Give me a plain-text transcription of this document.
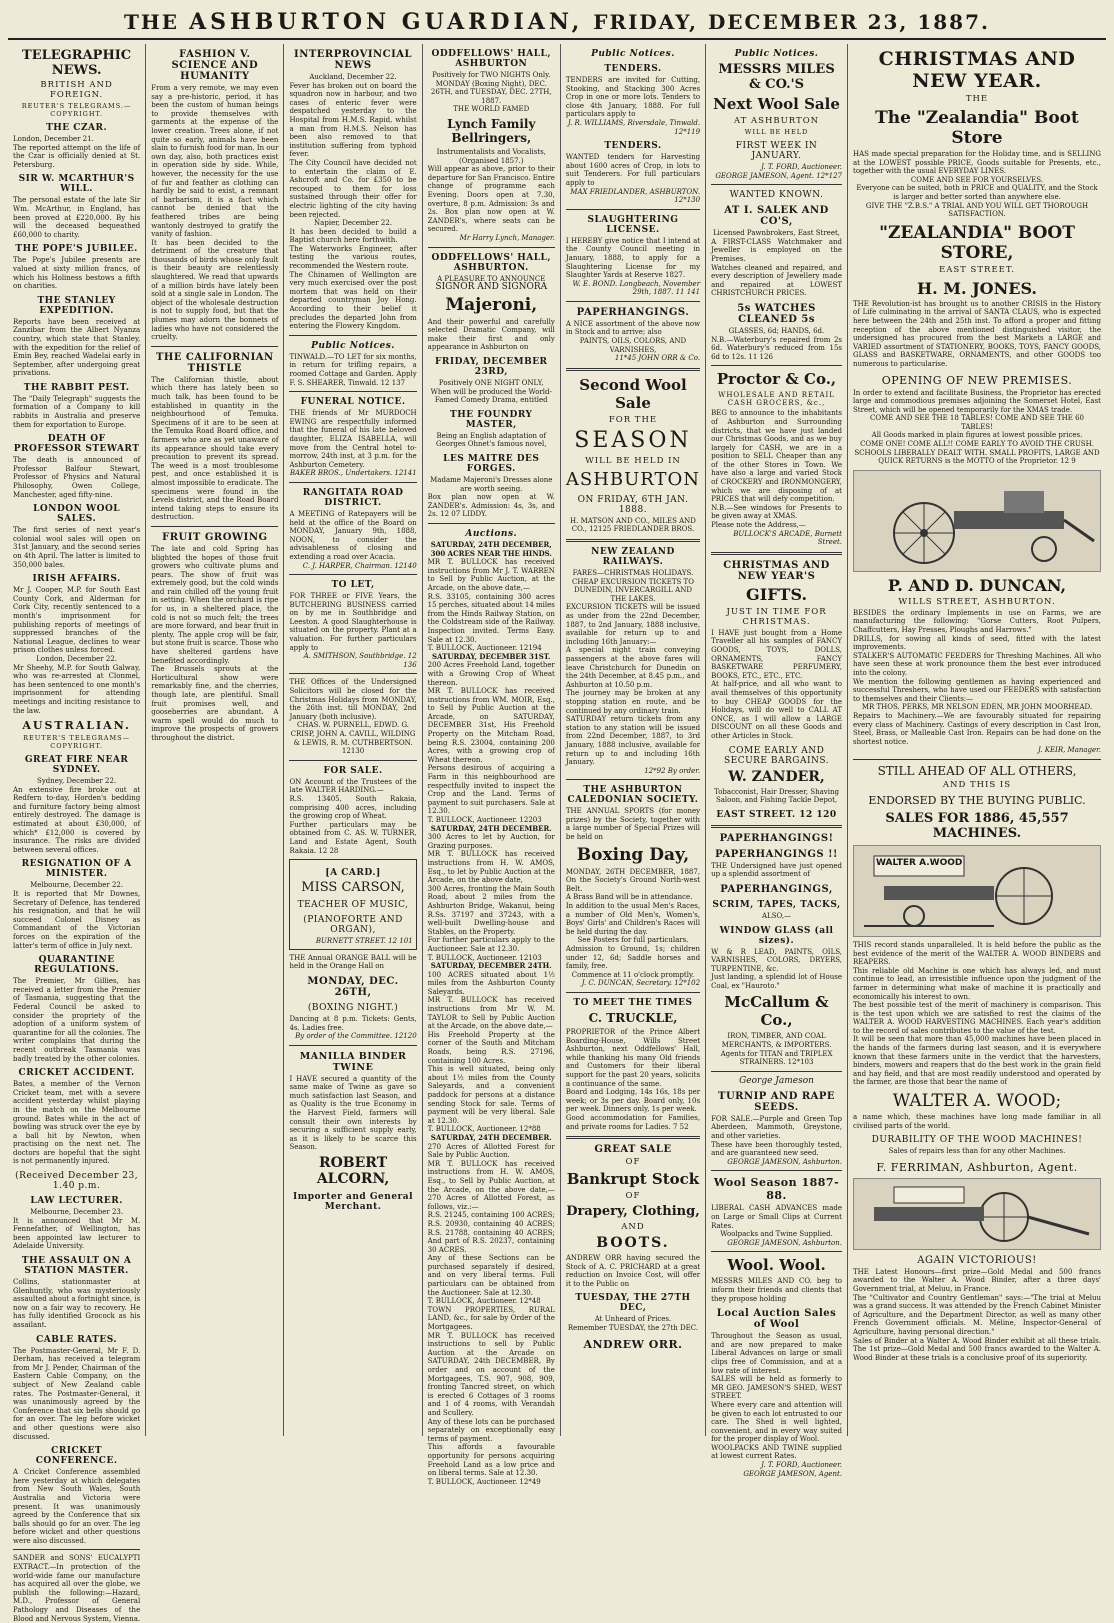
THE ASHBURTON GUARDIAN, FRIDAY, DECEMBER 23, 1887.
TELEGRAPHIC NEWS.
BRITISH AND FOREIGN.
REUTER'S TELEGRAMS.—COPYRIGHT.
THE CZAR.

London, December 21.

The reported attempt on the life of the Czar is officially denied at St. Petersburg.

SIR W. MCARTHUR'S WILL.

The personal estate of the late Sir Wm. McArthur, in England, has been proved at £220,000. By his will the deceased bequeathed £60,000 to charity.

THE POPE'S JUBILEE.

The Pope's Jubilee presents are valued at sixty million francs, of which his Holiness bestows a fifth on charities.

THE STANLEY EXPEDITION.

Reports have been received at Zanzibar from the Albert Nyanza country, which state that Stanley, with the expedition for the relief of Emin Bey, reached Wadelai early in September, after undergoing great privations.

THE RABBIT PEST.

The "Daily Telegraph" suggests the formation of a Company to kill rabbits in Australia and preserve them for exportation to Europe.

DEATH OF PROFESSOR STEWART

The death is announced of Professor Balfour Stewart, Professor of Physics and Natural Philosophy, Owen College, Manchester, aged fifty-nine.

LONDON WOOL SALES.

The first series of next year's colonial wool sales will open on 31st January, and the second series on 4th April. The latter is limited to 350,000 bales.

IRISH AFFAIRS.

Mr J. Cooper, M.P. for South East County Cork, and Alderman for Cork City, recently sentenced to a month's imprisonment for publishing reports of meetings of suppressed branches of the National League, declines to wear prison clothes unless forced.

London, December 22.

Mr Sheehy, M.P. for South Galway, who was re-arrested at Clonmel, has been sentenced to one month's imprisonment for attending meetings and inciting resistance to the law.

AUSTRALIAN.
REUTER'S TELEGRAMS—COPYRIGHT.
GREAT FIRE NEAR SYDNEY.

Sydney, December 22.

An extensive fire broke out at Redfern to-day, Horden's bedding and furniture factory being almost entirely destroyed. The damage is estimated at about £30,000, of which* £12,000 is covered by insurance. The risks are divided between several offices.

RESIGNATION OF A MINISTER.

Melbourne, December 22.

It is reported that Mr Downes, Secretary of Defence, has tendered his resignation, and that he will succeed Colonel Disney as Commandant of the Victorian forces on the expiration of the latter's term of office in July next.

QUARANTINE REGULATIONS.

The Premier, Mr Gillies, has received a letter from the Premier of Tasmania, suggesting that the Federal Council be asked to consider the propriety of the adoption of a uniform system of quarantine for all the colonies. The writer complains that during the recent outbreak Tasmania was badly treated by the other colonies.

CRICKET ACCIDENT.

Bates, a member of the Vernon Cricket team, met with a severe accident yesterday whilst playing in the match on the Melbourne ground. Bates while in the act of bowling was struck over the eye by a ball hit by Newton, when practising on the next net. The doctors are hopeful that the sight is not permanently injured.

(Received December 23, 1.40 p.m.
LAW LECTURER.

Melbourne, December 23.

It is announced that Mr M. Fennefather, of Wellington, has been appointed law lecturer to Adelaide University.

THE ASSAULT ON A STATION MASTER.

Collins, stationmaster at Glenhuntly, who was mysteriously assaulted about a fortnight since, is now on a fair way to recovery. He has fully identified Grocock as his assailant.

CABLE RATES.

The Postmaster-General, Mr F. D. Derham, has received a telegram from Mr J. Pender, Chairman of the Eastern Cable Company, on the subject of New Zealand cable rates. The Postmaster-General, it was unanimously agreed by the Conference that six bells should go for an over. The leg before wicket and other questions were also discussed.

CRICKET CONFERENCE.

A Cricket Conference assembled here yesterday at which delegates from New South Wales, South Australia and Victoria were present. It was unanimously agreed by the Conference that six balls should go for an over. The leg before wicket and other questions were also discussed.

SANDER and SONS' EUCALYPTI EXTRACT.—In protection of the world-wide fame our manufacture has acquired all over the globe, we publish the following:—Hazard, M.D., Professor of General Pathology and Diseases of the Blood and Nervous System, Vienna.

FASHION V. SCIENCE AND HUMANITY

From a very remote, we may even say a pre-historic, period, it has been the custom of human beings to provide themselves with garments at the expense of the lower creation. Trees alone, if not quite so early, animals have been slain to furnish food for man. In our own day, also, both practices exist in operation side by side. While, however, the necessity for the use of fur and feather as clothing can hardly be said to exist, a remnant of barbarism, it is a fact which cannot be denied that the feathered tribes are being wantonly destroyed to gratify the vanity of fashion.

It has been decided to the detriment of the creature that thousands of birds whose only fault is their beauty are relentlessly slaughtered. We read that upwards of a million birds have lately been sold at a single sale in London. The object of the wholesale destruction is not to supply food, but that the plumes may adorn the bonnets of ladies who have not considered the cruelty.

THE CALIFORNIAN THISTLE

The Californian thistle, about which there has lately been so much talk, has been found to be established in quantity in the neighbourhood of Temuka. Specimens of it are to be seen at the Temuka Road Board office, and farmers who are as yet unaware of its appearance should take every precaution to prevent its spread. The weed is a most troublesome pest, and once established it is almost impossible to eradicate. The specimens were found in the Levels district, and the Road Board intend taking steps to ensure its destruction.

FRUIT GROWING

The late and cold Spring has blighted the hopes of those fruit growers who cultivate plums and pears. The show of fruit was extremely good, but the cold winds and rain chilled off the young fruit in setting. When the orchard is ripe for us, in a sheltered place, the cold is not so much felt; the trees are more forward, and bear fruit in plenty. The apple crop will be fair, but stone fruit is scarce. Those who have sheltered gardens have benefited accordingly.

The Brussels sprouts at the Horticultural show were remarkably fine, and the cherries, though late, are plentiful. Small fruit promises well, and gooseberries are abundant. A warm spell would do much to improve the prospects of growers throughout the district.

INTERPROVINCIAL NEWS

Auckland, December 22.

Fever has broken out on board the squadron now in harbour, and two cases of enteric fever were despatched yesterday to the Hospital from H.M.S. Rapid, whilst a man from H.M.S. Nelson has been also removed to that institution suffering from typhoid fever.

The City Council have decided not to entertain the claim of E. Ashcroft and Co. for £350 to be recouped to them for loss sustained through their offer for electric lighting of the city having been rejected.

Napier, December 22.

It has been decided to build a Baptist church here forthwith.

The Waterworks Engineer, after testing the various routes, recommended the Western route.

The Chinamen of Wellington are very much exercised over the post mortem that was held on their departed countryman Joy Hong. According to their belief it precludes the departed John from entering the Flowery Kingdom.

Public Notices.

TINWALD.—TO LET for six months, in return for trifling repairs, a roomed Cottage and Garden. Apply F. S. SHEARER, Tinwald. 12 137

FUNERAL NOTICE.

THE friends of Mr MURDOCH EWING are respectfully informed that the funeral of his late beloved daughter, ELIZA ISABELLA, will move from the Central hotel to-morrow, 24th inst, at 3 p.m. for the Ashburton Cemetery.

BAKER BROS., Undertakers. 12141

RANGITATA ROAD DISTRICT.

A MEETING of Ratepayers will be held at the office of the Board on MONDAY, January 9th, 1888, NOON, to consider the advisableness of closing and extending a road over Acacia.

C. J. HARPER, Chairman. 12140

TO LET,

FOR THREE or FIVE Years, the BUTCHERING BUSINESS carried on by me in Southbridge and Leeston. A good Slaughterhouse is situated on the property. Plant at a valuation. For further particulars apply to

A. SMITHSON, Southbridge. 12 136

THE Offices of the Undersigned Solicitors will be closed for the Christmas Holidays from MONDAY, the 26th inst. till MONDAY, 2nd January (both inclusive).

CHAS. W. PURNELL, EDWD. G. CRISP, JOHN A. CAVILL, WILDING & LEWIS, R. M. CUTHBERTSON. 12130

FOR SALE.

ON Account of the Trustees of the late WALTER HARDING.—

R.S. 13405, South Rakaia, comprising 400 acres, including the growing crop of Wheat.

Further particulars may be obtained from C. AS. W. TURNER, Land and Estate Agent, South Rakaia. 12 28

[A CARD.]
MISS CARSON,
TEACHER OF MUSIC,
(PIANOFORTE AND ORGAN),
BURNETT STREET. 12 101

THE Annual ORANGE BALL will be held in the Orange Hall on

MONDAY, DEC. 26TH,
(BOXING NIGHT.)

Dancing at 8 p.m. Tickets: Gents, 4s. Ladies free.

By order of the Committee. 12120

MANILLA BINDER TWINE

I HAVE secured a quantity of the same make of Twine as gave so much satisfaction last Season, and as Quality is the true Economy in the Harvest Field, farmers will consult their own interests by securing a sufficient supply early, as it is likely to be scarce this Season.

ROBERT ALCORN,
Importer and General Merchant.
ODDFELLOWS' HALL, ASHBURTON

Positively for TWO NIGHTS Only.

MONDAY (Boxing Night), DEC. 26TH, and TUESDAY, DEC. 27TH, 1887.

THE WORLD FAMED

Lynch Family Bellringers,

Instrumentalists and Vocalists, (Organised 1857.)

Will appear as above, prior to their departure for San Francisco. Entire change of programme each Evening. Doors open at 7.30, overture, 8 p.m. Admission: 3s and 2s. Box plan now open at W. ZANDER's, where seats can be secured.

Mr Harry Lynch, Manager.

ODDFELLOWS' HALL, ASHBURTON.

A PLEASURE TO ANNOUNCE

SIGNOR AND SIGNORA

Majeroni,

And their powerful and carefully selected Dramatic Company, will make their first and only appearance in Ashburton on

FRIDAY, DECEMBER 23RD,

Positively ONE NIGHT ONLY,

When will be produced the World-Famed Comedy Drama, entitled

THE FOUNDRY MASTER,

Being an English adaptation of Georges Ohnet's famous novel,

LES MAITRE DES FORGES.

Madame Majeroni's Dresses alone are worth seeing.

Box plan now open at W. ZANDER's. Admission: 4s, 3s, and 2s. 12 07 LIDDY.

Auctions.

SATURDAY, 24TH DECEMBER,

300 ACRES NEAR THE HINDS.

MR T. BULLOCK has received instructions from Mr J. T. WARREN to Sell by Public Auction, at the Arcade, on the above date,—

R.S. 33105, containing 300 acres 15 perches, situated about 14 miles from the Hinds Railway Station, on the Coldstream side of the Railway. Inspection invited. Terms Easy. Sale at 12.30.

T. BULLOCK, Auctioneer. 12194

SATURDAY, DECEMBER 31ST.

200 Acres Freehold Land, together with a Growing Crop of Wheat thereon.

MR T. BULLOCK has received instructions from WM. MOIR, Esq., to Sell by Public Auction at the Arcade, on SATURDAY, DECEMBER 31st, His Freehold Property on the Mitcham Road, being R.S. 23004, containing 200 Acres, with a growing crop of Wheat thereon.

Persons desirous of acquiring a Farm in this neighbourhood are respectfully invited to inspect the Crop and the Land. Terms of payment to suit purchasers. Sale at 12.30.

T. BULLOCK, Auctioneer. 12203

SATURDAY, 24TH DECEMBER.

300 Acres to let by Auction, for Grazing purposes.

MR T. BULLOCK has received instructions from H. W. AMOS, Esq., to let by Public Auction at the Arcade, on the above date,

300 Acres, fronting the Main South Road, about 2 miles from the Ashburton Bridge, Wakanui, being R.Ss. 37197 and 37243, with a well-built Dwelling-house and Stables, on the Property.

For further particulars apply to the Auctioneer. Sale at 12.30.

T. BULLOCK, Auctioneer. 12103

SATURDAY, DECEMBER 24TH.

100 ACRES situated about 1½ miles from the Ashburton County Saleyards.

MR T. BULLOCK has received instructions from Mr W. M. TAYLOR to Sell by Public Auction at the Arcade, on the above date,—

His Freehold Property at the corner of the South and Mitcham Roads, being R.S. 27196, containing 100 Acres.

This is well situated, being only about 1½ miles from the County Saleyards, and a convenient paddock for persons at a distance sending Stock for sale. Terms of payment will be very liberal. Sale at 12.30.

T. BULLOCK, Auctioneer. 12*88

SATURDAY, 24TH DECEMBER.

270 Acres of Allotted Forest for Sale by Public Auction.

MR T. BULLOCK has received instructions from H. W. AMOS, Esq., to Sell by Public Auction, at the Arcade, on the above date,—270 Acres of Allotted Forest, as follows, viz.:—

R.S. 21245, containing 100 ACRES; R.S. 20930, containing 40 ACRES; R.S. 21788, containing 40 ACRES; And part of R.S. 20237, containing 30 ACRES.

Any of these Sections can be purchased separately if desired, and on very liberal terms. Full particulars can be obtained from the Auctioneer. Sale at 12.30.

T. BULLOCK, Auctioneer. 12*48

TOWN PROPERTIES, RURAL LAND, &c., for sale by Order of the Mortgagees.

MR T. BULLOCK has received instructions to sell by Public Auction at the Arcade on SATURDAY, 24th DECEMBER, By order and on account of the Mortgagees, T.S. 907, 908, 909, fronting Tancred street, on which is erected 6 Cottages of 3 rooms and 1 of 4 rooms, with Verandah and Scullery.

Any of these lots can be purchased separately on exceptionally easy terms of payment.

This affords a favourable opportunity for persons acquiring Freehold Land as a low price and on liberal terms. Sale at 12.30.

T. BULLOCK, Auctioneer. 12*49

Public Notices.
TENDERS.

TENDERS are invited for Cutting, Stooking, and Stacking 300 Acres Crop in one or more lots. Tenders to close 4th January, 1888. For full particulars apply to

J. R. WILLIAMS, Riversdale, Tinwald. 12*119

TENDERS.

WANTED tenders for Harvesting about 1600 acres of Crop, in lots to suit Tenderers. For full particulars apply to

MAX FRIEDLANDER, ASHBURTON. 12*130

SLAUGHTERING LICENSE.

I HEREBY give notice that I intend at the County Council meeting in January, 1888, to apply for a Slaughtering License for my Slaughter Yards at Reserve 1827.

W. E. BOND. Longbeach, November 29th, 1887. 11 141

PAPERHANGINGS.

A NICE assortment of the above now in Stock and to arrive; also

PAINTS, OILS, COLORS, AND VARNISHES,

11*45 JOHN ORR & Co.

Second Wool Sale
FOR THE
SEASON
WILL BE HELD IN
ASHBURTON
ON FRIDAY, 6TH JAN. 1888.

H. MATSON AND CO., MILES AND CO., 12125 FRIEDLANDER BROS.

NEW ZEALAND RAILWAYS.

FARES—CHRISTMAS HOLIDAYS.

CHEAP EXCURSION TICKETS TO DUNEDIN, INVERCARGILL AND THE LAKES.

EXCURSION TICKETS will be issued as under from the 22nd December, 1887, to 2nd January, 1888 inclusive, available for return up to and including 16th January:—

A special night train conveying passengers at the above fares will leave Christchurch for Dunedin on the 24th December, at 8.45 p.m., and Ashburton at 10.50 p.m.

The journey may be broken at any stopping station en route, and be continued by any ordinary train.

SATURDAY return tickets from any station to any station will be issued from 22nd December, 1887, to 3rd January, 1888 inclusive, available for return up to and including 16th January.

12*92 By order.

THE ASHBURTON CALEDONIAN SOCIETY.

THE ANNUAL SPORTS (for money prizes) by the Society, together with a large number of Special Prizes will be held on

Boxing Day,

MONDAY, 26TH DECEMBER, 1887, On the Society's Ground North-west Belt.

A Brass Band will be in attendance.

In addition to the usual Men's Races, a number of Old Men's, Women's, Boys' Girls' and Children's Races will be held during the day.

See Posters for full particulars.

Admission to Ground, 1s; children under 12, 6d; Saddle horses and family, free.

Commence at 11 o'clock promptly.

J. C. DUNCAN, Secretary. 12*102

TO MEET THE TIMES
C. TRUCKLE,

PROPRIETOR of the Prince Albert Boarding-House, Wills Street Ashburton, next Oddfellows' Hall, while thanking his many Old friends and Customers for their liberal support for the past 20 years, solicits a continuance of the same.

Board and Lodging, 14s 16s, 18s per week; or 3s per day. Board only, 10s per week. Dinners only, 1s per week.

Good accommodation for Families, and private rooms for Ladies. 7 52

GREAT SALE
OF
Bankrupt Stock
OF
Drapery, Clothing,
AND
BOOTS.

ANDREW ORR having secured the Stock of A. C. PRICHARD at a great reduction on Invoice Cost, will offer it to the Public on

TUESDAY, THE 27TH DEC,

At Unheard of Prices.

Remember TUESDAY, the 27th DEC.

ANDREW ORR.
Public Notices.
MESSRS MILES & CO.'S
Next Wool Sale
AT ASHBURTON
WILL BE HELD
FIRST WEEK IN JANUARY.

J. T. FORD, Auctioneer.

GEORGE JAMESON, Agent. 12*127

WANTED KNOWN.
AT I. SALEK AND CO'S,

Licensed Pawnbrokers, East Street,

A FIRST-CLASS Watchmaker and Jeweller is employed on the Premises.

Watches cleaned and repaired, and every description of Jewellery made and repaired at LOWEST CHRISTCHURCH PRICES.

5s WATCHES CLEANED 5s

GLASSES, 6d; HANDS, 6d.

N.B.—Waterbury's repaired from 2s 6d. Waterbury's reduced from 15s 6d to 12s. 11 126

Proctor & Co.,
WHOLESALE AND RETAIL CASH GROCERS, &c.,

BEG to announce to the inhabitants of Ashburton and Surrounding districts, that we have just landed our Christmas Goods, and as we buy largely for CASH, we are in a position to SELL Cheaper than any of the other Stores in Town. We have also a large and varied Stock of CROCKERY and IRONMONGERY, which we are disposing of at PRICES that will defy competition.

N.B.—See windows for Presents to be given away at XMAS.

Please note the Address,—

BULLOCK'S ARCADE, Burnett Street.

CHRISTMAS AND NEW YEAR'S
GIFTS.
JUST IN TIME FOR CHRISTMAS.

I HAVE just bought from a Home Traveller all his samples of FANCY GOODS, TOYS, DOLLS, ORNAMENTS, FANCY BASKETWARE PERFUMERY, BOOKS, ETC., ETC., ETC.

At half-price, and all who want to avail themselves of this opportunity to buy CHEAP GOODS for the Holidays, will do well to CALL AT ONCE, as I will allow a LARGE DISCOUNT on all these Goods and other Articles in Stock.

COME EARLY AND SECURE BARGAINS.
W. ZANDER,

Tobacconist, Hair Dresser, Shaving Saloon, and Fishing Tackle Depot,

EAST STREET. 12 120
PAPERHANGINGS!
PAPERHANGINGS !!

THE Undersigned have just opened up a splendid assortment of

PAPERHANGINGS,
SCRIM, TAPES, TACKS,

ALSO,—

WINDOW GLASS (all sizes).

W & R LEAD, PAINTS, OILS, VARNISHES, COLORS, DRYERS, TURPENTINE, &c.

Just landing, a splendid lot of House Coal, ex "Hauroto."

McCallum & Co.,

IRON, TIMBER, AND COAL MERCHANTS, & IMPORTERS.

Agents for TITAN and TRIPLEX STRAINERS. 12*103

George Jameson
TURNIP AND RAPE SEEDS.

FOR SALE.—Purple and Green Top Aberdeen, Mammoth, Greystone, and other varieties.

These have been thoroughly tested, and are guaranteed new seed.

GEORGE JAMESON, Ashburton.

Wool Season 1887-88.

LIBERAL CASH ADVANCES made on Large or Small Clips at Current Rates.

Woolpacks and Twine Supplied.

GEORGE JAMESON, Ashburton.

Wool. Wool.

MESSRS MILES AND CO. beg to inform their friends and clients that they propose holding

Local Auction Sales of Wool

Throughout the Season as usual, and are now prepared to make Liberal Advances on large or small clips free of Commission, and at a low rate of interest.

SALES will be held as formerly to MR GEO. JAMESON'S SHED, WEST STREET.

Where every care and attention will be given to each lot entrusted to our care. The Shed is well lighted, convenient, and in every way suited for the proper display of Wool.

WOOLPACKS AND TWINE supplied at lowest current Rates.

J. T. FORD, Auctioneer.

GEORGE JAMESON, Agent.

CHRISTMAS AND NEW YEAR.
THE
The "Zealandia" Boot Store

HAS made special preparation for the Holiday time, and is SELLING at the LOWEST possible PRICE, Goods suitable for Presents, etc., together with the usual EVERYDAY LINES.

COME AND SEE FOR YOURSELVES.

Everyone can be suited, both in PRICE and QUALITY, and the Stock is larger and better sorted than anywhere else.

GIVE THE "Z.B.S." A TRIAL AND YOU WILL GET THOROUGH SATISFACTION.

"ZEALANDIA" BOOT STORE,
EAST STREET.
H. M. JONES.

THE Revolution-ist has brought us to another CRISIS in the History of Life culminating in the arrival of SANTA CLAUS, who is expected here between the 24th and 25th inst. To afford a proper and fitting reception of the above mentioned distinguished visitor, the undersigned has procured from the best Markets a LARGE and VARIED assortment of STATIONERY, BOOKS, TOYS, FANCY GOODS, GLASS and BASKETWARE, ORNAMENTS, and other GOODS too numerous to particularise.

OPENING OF NEW PREMISES.

In order to extend and facilitate Business, the Proprietor has erected large and commodious premises adjoining the Somerset Hotel, East Street, which will be opened temporarily for the XMAS trade.

COME AND SEE THE 18 TABLES! COME AND SEE THE 60 TABLES!

All Goods marked in plain figures at lowest possible prices.

COME ONE! COME ALL!! COME EARLY TO AVOID THE CRUSH.

SCHOOLS LIBERALLY DEALT WITH. SMALL PROFITS, LARGE AND QUICK RETURNS is the MOTTO of the Proprietor. 12 9

P. AND D. DUNCAN,
WILLS STREET, ASHBURTON.

BESIDES the ordinary Implements in use on Farms, we are manufacturing the following: "Gorse Cutters, Root Pulpers, Chaffcutters, Hay Presses, Ploughs and Harrows."

DRILLS, for sowing all kinds of seed, fitted with the latest improvements.

STALKER'S AUTOMATIC FEEDERS for Threshing Machines. All who have seen these at work pronounce them the best ever introduced into the colony.

We mention the following gentlemen as having experienced and successful Threshers, who have used our FEEDERS with satisfaction to themselves and their Clients:—

MR THOS. PERKS, MR NELSON EDEN, MR JOHN MOORHEAD.

Repairs to Machinery.—We are favourably situated for repairing every class of Machinery. Castings of every description in Cast Iron, Steel, Brass, or Malleable Cast Iron. Repairs can be had done on the shortest notice.

J. KEIR, Manager.

STILL AHEAD OF ALL OTHERS,
AND THIS IS
ENDORSED BY THE BUYING PUBLIC.
SALES FOR 1886, 45,557 MACHINES.
WALTER A.WOOD

THIS record stands unparalleled. It is held before the public as the best evidence of the merit of the WALTER A. WOOD BINDERS and REAPERS.

This reliable old Machine is one which has always led, and must continue to lead, an irresistible influence upon the judgment of the farmer in determining what make of machine it is practically and economically his interest to own.

The best possible test of the merit of machinery is comparison. This is the test upon which we are satisfied to rest the claims of the WALTER A. WOOD HARVESTING MACHINES. Each year's addition to the record of sales contributes to the value of the test.

It will be seen that more than 45,000 machines have been placed in the hands of the farmers during last season, and it is everywhere known that these farmers unite in the verdict that the harvesters, binders, mowers and reapers that do the best work in the grain field and hay field, and that are most readily understood and operated by the farmer, are those that bear the name of

WALTER A. WOOD;

a name which, these machines have long made familiar in all civilised parts of the world.

DURABILITY OF THE WOOD MACHINES!

Sales of repairs less than for any other Machines.

F. FERRIMAN, Ashburton, Agent.
AGAIN VICTORIOUS!

THE Latest Honours—first prize—Gold Medal and 500 francs awarded to the Walter A. Wood Binder, after a three days' Government trial, at Meluu, in France.

The "Cultivator and Country Gentleman" says:—"The trial at Meluu was a grand success. It was attended by the French Cabinet Minister of Agriculture, and the Department Director, as well as many other French Government officials. M. Méline, Inspector-General of Agriculture, having personal direction."

Sales of Binder at a Walter A. Wood Binder exhibit at all these trials. The 1st prize—Gold Medal and 500 francs awarded to the Walter A. Wood Binder at these trials is a conclusive proof of its superiority.
